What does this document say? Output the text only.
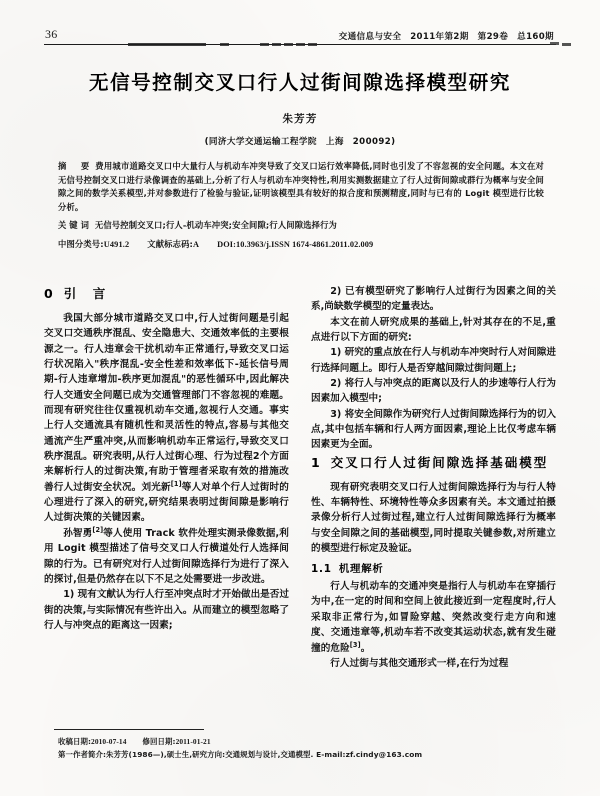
36	交通信息与安全　2011年第2期　第29卷　总160期
无信号控制交叉口行人过街间隙选择模型研究
朱芳芳
(同济大学交通运输工程学院　上海　200092)
摘　要 费用城市道路交叉口中大量行人与机动车冲突导致了交叉口运行效率降低,同时也引发了不容忽视的安全问题。本文在对无信号控制交叉口进行录像调查的基础上,分析了行人与机动车冲突特性,利用实测数据建立了行人过街间隙或群行为概率与安全间隙之间的数学关系模型,并对参数进行了检验与验证,证明该模型具有较好的拟合度和预测精度,同时与已有的 Logit 模型进行比较分析。
关键词 无信号控制交叉口;行人-机动车冲突;安全间隙;行人间隙选择行为
中图分类号:U491.2 文献标志码:A DOI:10.3963/j.ISSN 1674-4861.2011.02.009
0 引　言

我国大部分城市道路交叉口中,行人过街问题是引起交叉口交通秩序混乱、安全隐患大、交通效率低的主要根源之一。行人违章会干扰机动车正常通行,导致交叉口运行状况陷入"秩序混乱-安全性差和效率低下-延长信号周期-行人违章增加-秩序更加混乱"的恶性循环中,因此解决行人交通安全问题已成为交通管理部门不容忽视的难题。而现有研究往往仅重视机动车交通,忽视行人交通。事实上行人交通流具有随机性和灵活性的特点,容易与其他交通流产生严重冲突,从而影响机动车正常运行,导致交叉口秩序混乱。研究表明,从行人过街心理、行为过程2个方面来解析行人的过街决策,有助于管理者采取有效的措施改善行人过街安全状况。刘光新[1]等人对单个行人过街时的心理进行了深入的研究,研究结果表明过街间隙是影响行人过街决策的关键因素。

孙智勇[2]等人使用 Track 软件处理实测录像数据,利用 Logit 模型描述了信号交叉口人行横道处行人选择间隙的行为。已有研究对行人过街间隙选择行为进行了深入的探讨,但是仍然存在以下不足之处需要进一步改进。

1) 现有文献认为行人行至冲突点时才开始做出是否过街的决策,与实际情况有些许出入。从而建立的模型忽略了行人与冲突点的距离这一因素;

2) 已有模型研究了影响行人过街行为因素之间的关系,尚缺数学模型的定量表达。

本文在前人研究成果的基础上,针对其存在的不足,重点进行以下方面的研究:

1) 研究的重点放在行人与机动车冲突时行人对间隙进行选择问题上。即行人是否穿越间隙过街问题上;

2) 将行人与冲突点的距离以及行人的步速等行人行为因素加入模型中;

3) 将安全间隙作为研究行人过街间隙选择行为的切入点,其中包括车辆和行人两方面因素,理论上比仅考虑车辆因素更为全面。

1 交叉口行人过街间隙选择基础模型

现有研究表明交叉口行人过街间隙选择行为与行人特性、车辆特性、环境特性等众多因素有关。本文通过拍摄录像分析行人过街过程,建立行人过街间隙选择行为概率与安全间隙之间的基础模型,同时提取关键参数,对所建立的模型进行标定及验证。

1.1 机理解析

行人与机动车的交通冲突是指行人与机动车在穿插行为中,在一定的时间和空间上彼此接近到一定程度时,行人采取非正常行为,如冒险穿越、突然改变行走方向和速度、交通违章等,机动车若不改变其运动状态,就有发生碰撞的危险[3]。

行人过街与其他交通形式一样,在行为过程

收稿日期:2010-07-14 修回日期:2011-01-21
第一作者简介:朱芳芳(1986—),硕士生,研究方向:交通规划与设计,交通模型. E-mail:zf.cindy@163.com
